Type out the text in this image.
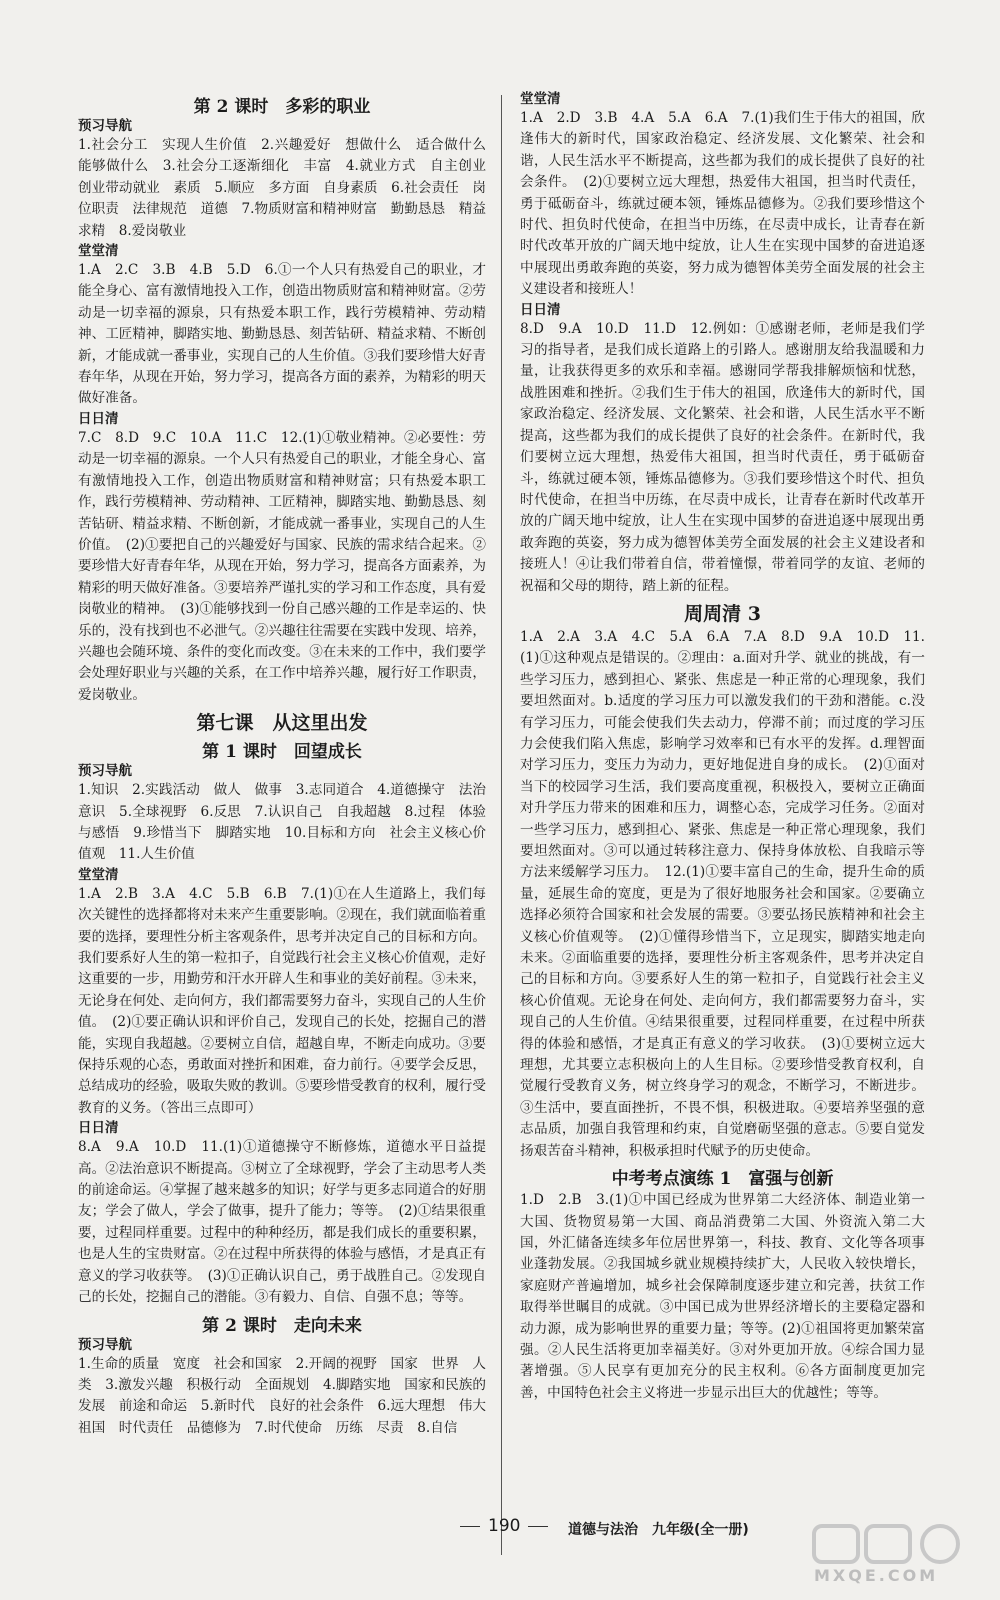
第 2 课时　多彩的职业
预习导航

1.社会分工　实现人生价值　2.兴趣爱好　想做什么　适合做什么　能够做什么　3.社会分工逐渐细化　丰富　4.就业方式　自主创业　创业带动就业　素质　5.顺应　多方面　自身素质　6.社会责任　岗位职责　法律规范　道德　7.物质财富和精神财富　勤勤恳恳　精益求精　8.爱岗敬业

堂堂清

1.A　2.C　3.B　4.B　5.D　6.①一个人只有热爱自己的职业，才能全身心、富有激情地投入工作，创造出物质财富和精神财富。②劳动是一切幸福的源泉，只有热爱本职工作，践行劳模精神、劳动精神、工匠精神，脚踏实地、勤勤恳恳、刻苦钻研、精益求精、不断创新，才能成就一番事业，实现自己的人生价值。③我们要珍惜大好青春年华，从现在开始，努力学习，提高各方面的素养，为精彩的明天做好准备。

日日清

7.C　8.D　9.C　10.A　11.C　12.(1)①敬业精神。②必要性：劳动是一切幸福的源泉。一个人只有热爱自己的职业，才能全身心、富有激情地投入工作，创造出物质财富和精神财富；只有热爱本职工作，践行劳模精神、劳动精神、工匠精神，脚踏实地、勤勤恳恳、刻苦钻研、精益求精、不断创新，才能成就一番事业，实现自己的人生价值。　(2)①要把自己的兴趣爱好与国家、民族的需求结合起来。②要珍惜大好青春年华，从现在开始，努力学习，提高各方面素养，为精彩的明天做好准备。③要培养严谨扎实的学习和工作态度，具有爱岗敬业的精神。　(3)①能够找到一份自己感兴趣的工作是幸运的、快乐的，没有找到也不必泄气。②兴趣往往需要在实践中发现、培养，兴趣也会随环境、条件的变化而改变。③在未来的工作中，我们要学会处理好职业与兴趣的关系，在工作中培养兴趣，履行好工作职责，爱岗敬业。

第七课　从这里出发
第 1 课时　回望成长
预习导航

1.知识　2.实践活动　做人　做事　3.志同道合　4.道德操守　法治意识　5.全球视野　6.反思　7.认识自己　自我超越　8.过程　体验与感悟　9.珍惜当下　脚踏实地　10.目标和方向　社会主义核心价值观　11.人生价值

堂堂清

1.A　2.B　3.A　4.C　5.B　6.B　7.(1)①在人生道路上，我们每次关键性的选择都将对未来产生重要影响。②现在，我们就面临着重要的选择，要理性分析主客观条件，思考并决定自己的目标和方向。我们要系好人生的第一粒扣子，自觉践行社会主义核心价值观，走好这重要的一步，用勤劳和汗水开辟人生和事业的美好前程。③未来，无论身在何处、走向何方，我们都需要努力奋斗，实现自己的人生价值。　(2)①要正确认识和评价自己，发现自己的长处，挖掘自己的潜能，实现自我超越。②要树立自信，超越自卑，不断走向成功。③要保持乐观的心态，勇敢面对挫折和困难，奋力前行。④要学会反思，总结成功的经验，吸取失败的教训。⑤要珍惜受教育的权利，履行受教育的义务。（答出三点即可）

日日清

8.A　9.A　10.D　11.(1)①道德操守不断修炼，道德水平日益提高。②法治意识不断提高。③树立了全球视野，学会了主动思考人类的前途命运。④掌握了越来越多的知识；好学与更多志同道合的好朋友；学会了做人，学会了做事，提升了能力；等等。　(2)①结果很重要，过程同样重要。过程中的种种经历，都是我们成长的重要积累，也是人生的宝贵财富。②在过程中所获得的体验与感悟，才是真正有意义的学习收获等。　(3)①正确认识自己，勇于战胜自己。②发现自己的长处，挖掘自己的潜能。③有毅力、自信、自强不息；等等。

第 2 课时　走向未来
预习导航

1.生命的质量　宽度　社会和国家　2.开阔的视野　国家　世界　人类　3.激发兴趣　积极行动　全面规划　4.脚踏实地　国家和民族的发展　前途和命运　5.新时代　良好的社会条件　6.远大理想　伟大祖国　时代责任　品德修为　7.时代使命　历练　尽责　8.自信

堂堂清

1.A　2.D　3.B　4.A　5.A　6.A　7.(1)我们生于伟大的祖国，欣逢伟大的新时代，国家政治稳定、经济发展、文化繁荣、社会和谐，人民生活水平不断提高，这些都为我们的成长提供了良好的社会条件。　(2)①要树立远大理想，热爱伟大祖国，担当时代责任，勇于砥砺奋斗，练就过硬本领，锤炼品德修为。②我们要珍惜这个时代、担负时代使命，在担当中历练，在尽责中成长，让青春在新时代改革开放的广阔天地中绽放，让人生在实现中国梦的奋进追逐中展现出勇敢奔跑的英姿，努力成为德智体美劳全面发展的社会主义建设者和接班人！

日日清

8.D　9.A　10.D　11.D　12.例如：①感谢老师，老师是我们学习的指导者，是我们成长道路上的引路人。感谢朋友给我温暖和力量，让我获得更多的欢乐和幸福。感谢同学帮我排解烦恼和忧愁，战胜困难和挫折。②我们生于伟大的祖国，欣逢伟大的新时代，国家政治稳定、经济发展、文化繁荣、社会和谐，人民生活水平不断提高，这些都为我们的成长提供了良好的社会条件。在新时代，我们要树立远大理想，热爱伟大祖国，担当时代责任，勇于砥砺奋斗，练就过硬本领，锤炼品德修为。③我们要珍惜这个时代、担负时代使命，在担当中历练，在尽责中成长，让青春在新时代改革开放的广阔天地中绽放，让人生在实现中国梦的奋进追逐中展现出勇敢奔跑的英姿，努力成为德智体美劳全面发展的社会主义建设者和接班人！④让我们带着自信，带着憧憬，带着同学的友谊、老师的祝福和父母的期待，踏上新的征程。

周周清 3

1.A　2.A　3.A　4.C　5.A　6.A　7.A　8.D　9.A　10.D　11.(1)①这种观点是错误的。②理由：a.面对升学、就业的挑战，有一些学习压力，感到担心、紧张、焦虑是一种正常的心理现象，我们要坦然面对。b.适度的学习压力可以激发我们的干劲和潜能。c.没有学习压力，可能会使我们失去动力，停滞不前；而过度的学习压力会使我们陷入焦虑，影响学习效率和已有水平的发挥。d.理智面对学习压力，变压力为动力，更好地促进自身的成长。　(2)①面对当下的校园学习生活，我们要高度重视，积极投入，要树立正确面对升学压力带来的困难和压力，调整心态，完成学习任务。②面对一些学习压力，感到担心、紧张、焦虑是一种正常心理现象，我们要坦然面对。③可以通过转移注意力、保持身体放松、自我暗示等方法来缓解学习压力。　12.(1)①要丰富自己的生命，提升生命的质量，延展生命的宽度，更是为了很好地服务社会和国家。②要确立选择必须符合国家和社会发展的需要。③要弘扬民族精神和社会主义核心价值观等。　(2)①懂得珍惜当下，立足现实，脚踏实地走向未来。②面临重要的选择，要理性分析主客观条件，思考并决定自己的目标和方向。③要系好人生的第一粒扣子，自觉践行社会主义核心价值观。无论身在何处、走向何方，我们都需要努力奋斗，实现自己的人生价值。④结果很重要，过程同样重要，在过程中所获得的体验和感悟，才是真正有意义的学习收获。　(3)①要树立远大理想，尤其要立志积极向上的人生目标。②要珍惜受教育权利，自觉履行受教育义务，树立终身学习的观念，不断学习，不断进步。③生活中，要直面挫折，不畏不惧，积极进取。④要培养坚强的意志品质，加强自我管理和约束，自觉磨砺坚强的意志。⑤要自觉发扬艰苦奋斗精神，积极承担时代赋予的历史使命。

中考考点演练 1　富强与创新

1.D　2.B　3.(1)①中国已经成为世界第二大经济体、制造业第一大国、货物贸易第一大国、商品消费第二大国、外资流入第二大国，外汇储备连续多年位居世界第一，科技、教育、文化等各项事业蓬勃发展。②我国城乡就业规模持续扩大，人民收入较快增长，家庭财产普遍增加，城乡社会保障制度逐步建立和完善，扶贫工作取得举世瞩目的成就。③中国已成为世界经济增长的主要稳定器和动力源，成为影响世界的重要力量；等等。(2)①祖国将更加繁荣富强。②人民生活将更加幸福美好。③对外更加开放。④综合国力显著增强。⑤人民享有更加充分的民主权利。⑥各方面制度更加完善，中国特色社会主义将进一步显示出巨大的优越性；等等。

190	道德与法治　九年级(全一册)
MXQE.COM
